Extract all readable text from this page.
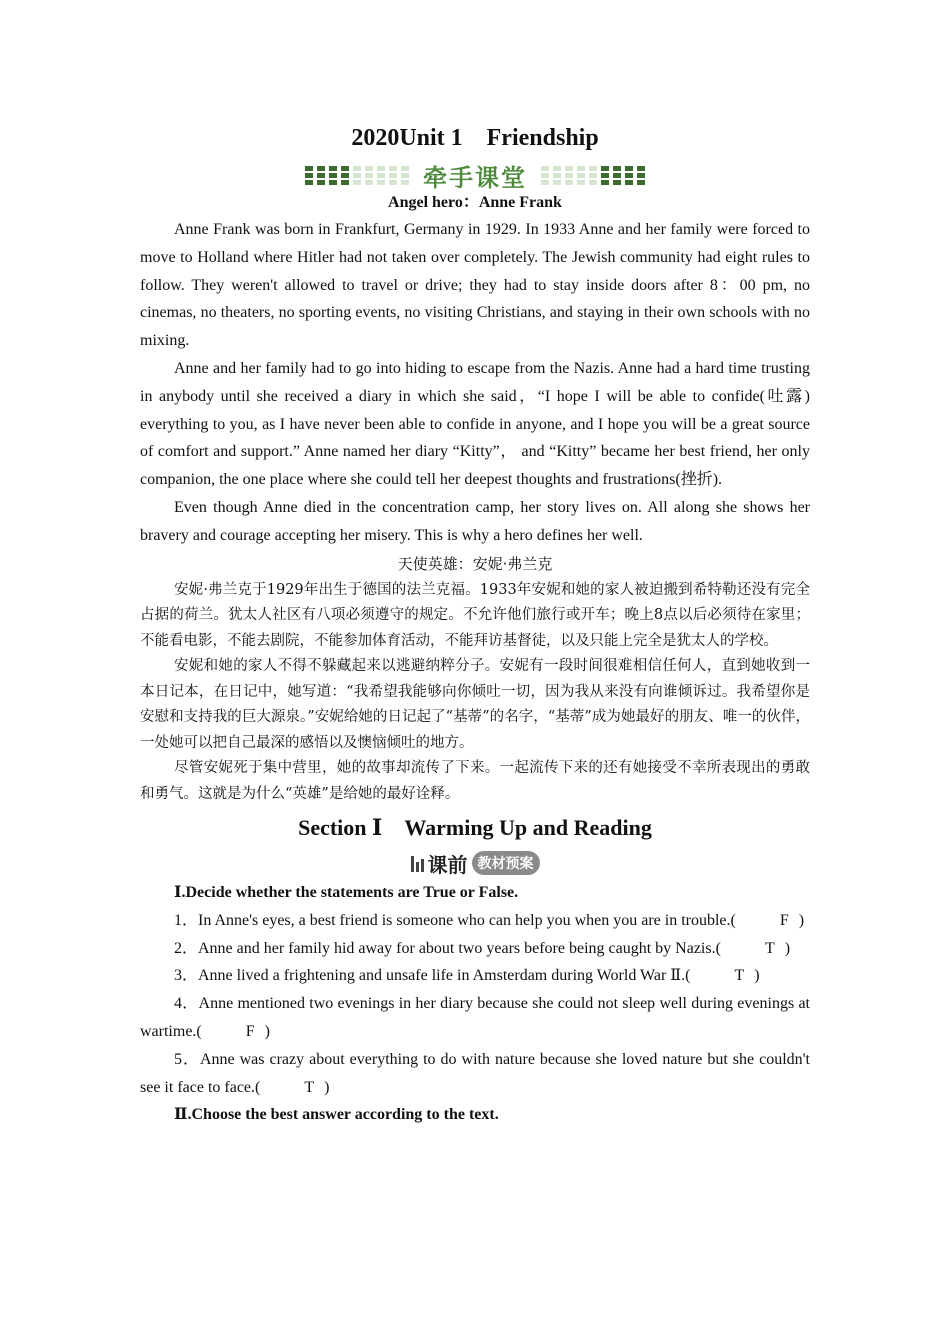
2020Unit 1　Friendship
牵手课堂
Angel hero：Anne Frank

Anne Frank was born in Frankfurt, Germany in 1929. In 1933 Anne and her family were forced to move to Holland where Hitler had not taken over completely. The Jewish community had eight rules to follow. They weren't allowed to travel or drive; they had to stay inside doors after 8：00 pm, no cinemas, no theaters, no sporting events, no visiting Christians, and staying in their own schools with no mixing.

Anne and her family had to go into hiding to escape from the Nazis. Anne had a hard time trusting in anybody until she received a diary in which she said，“I hope I will be able to confide(吐露) everything to you, as I have never been able to confide in anyone, and I hope you will be a great source of comfort and support.” Anne named her diary “Kitty”， and “Kitty” became her best friend, her only companion, the one place where she could tell her deepest thoughts and frustrations(挫折).

Even though Anne died in the concentration camp, her story lives on. All along she shows her bravery and courage accepting her misery. This is why a hero defines her well.

天使英雄：安妮·弗兰克

安妮·弗兰克于1929年出生于德国的法兰克福。1933年安妮和她的家人被迫搬到希特勒还没有完全占据的荷兰。犹太人社区有八项必须遵守的规定。不允许他们旅行或开车；晚上8点以后必须待在家里；不能看电影，不能去剧院，不能参加体育活动，不能拜访基督徒，以及只能上完全是犹太人的学校。

安妮和她的家人不得不躲藏起来以逃避纳粹分子。安妮有一段时间很难相信任何人，直到她收到一本日记本，在日记中，她写道：“我希望我能够向你倾吐一切，因为我从来没有向谁倾诉过。我希望你是安慰和支持我的巨大源泉。”安妮给她的日记起了“基蒂”的名字，“基蒂”成为她最好的朋友、唯一的伙伴，一处她可以把自己最深的感悟以及懊恼倾吐的地方。

尽管安妮死于集中营里，她的故事却流传了下来。一起流传下来的还有她接受不幸所表现出的勇敢和勇气。这就是为什么“英雄”是给她的最好诠释。

Section Ⅰ　Warming Up and Reading
课前 教材预案
Ⅰ.Decide whether the statements are True or False.

1．In Anne's eyes, a best friend is someone who can help you when you are in trouble.(	F )

2．Anne and her family hid away for about two years before being caught by Nazis.(	T )

3．Anne lived a frightening and unsafe life in Amsterdam during World War Ⅱ.(	T )

4．Anne mentioned two evenings in her diary because she could not sleep well during evenings at wartime.(	F )

5．Anne was crazy about everything to do with nature because she loved nature but she couldn't see it face to face.(	T )

Ⅱ.Choose the best answer according to the text.
